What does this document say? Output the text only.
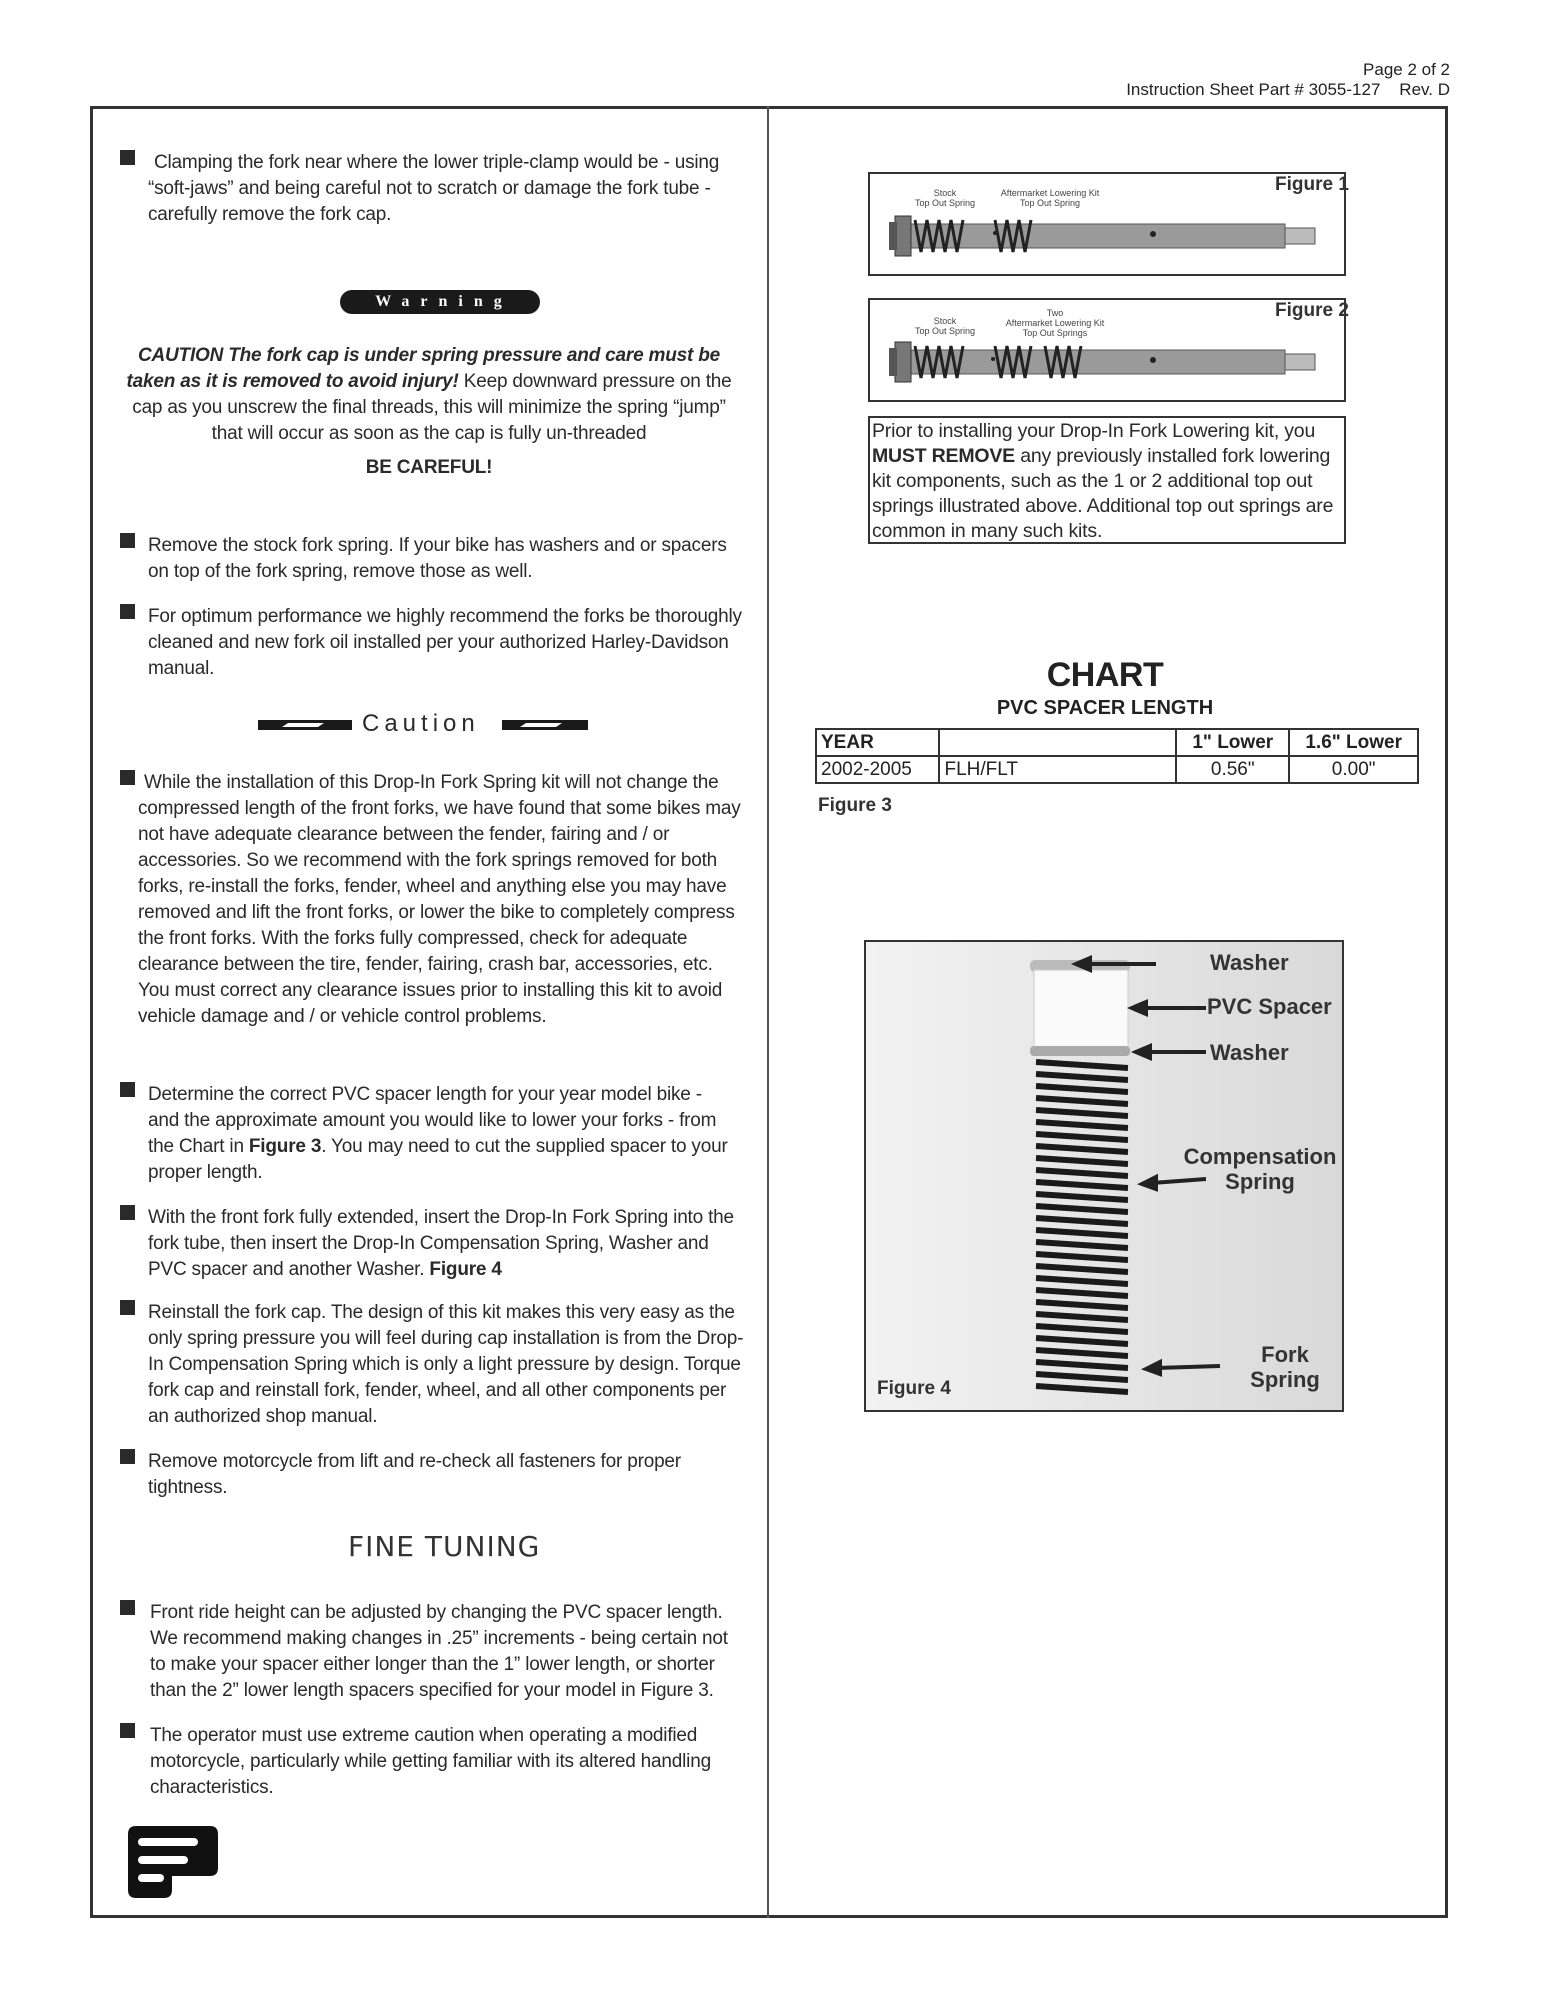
Page 2 of 2
Instruction Sheet Part # 3055-127    Rev. D
Clamping the fork near where the lower triple-clamp would be - using “soft-jaws” and being careful not to scratch or damage the fork tube - carefully remove the fork cap.
Warning
CAUTION The fork cap is under spring pressure and care must be taken as it is removed to avoid injury! Keep downward pressure on the cap as you unscrew the final threads, this will minimize the spring “jump” that will occur as soon as the cap is fully un-threaded
BE CAREFUL!
Remove the stock fork spring. If your bike has washers and or spacers on top of the fork spring, remove those as well.
For optimum performance we highly recommend the forks be thoroughly cleaned and new fork oil installed per your authorized Harley-Davidson manual.
Caution
While the installation of this Drop-In Fork Spring kit will not change the compressed length of the front forks, we have found that some bikes may not have adequate clearance between the fender, fairing and / or accessories. So we recommend with the fork springs removed for both forks, re-install the forks, fender, wheel and anything else you may have removed and lift the front forks, or lower the bike to completely compress the front forks. With the forks fully compressed, check for adequate clearance between the tire, fender, fairing, crash bar, accessories, etc. You must correct any clearance issues prior to installing this kit to avoid vehicle damage and / or vehicle control problems.
Determine the correct PVC spacer length for your year model bike - and the approximate amount you would like to lower your forks - from the Chart in Figure 3. You may need to cut the supplied spacer to your proper length.
With the front fork fully extended, insert the Drop-In Fork Spring into the fork tube, then insert the Drop-In Compensation Spring, Washer and PVC spacer and another Washer. Figure 4
Reinstall the fork cap. The design of this kit makes this very easy as the only spring pressure you will feel during cap installation is from the Drop-In Compensation Spring which is only a light pressure by design. Torque fork cap and reinstall fork, fender, wheel, and all other components per an authorized shop manual.
Remove motorcycle from lift and re-check all fasteners for proper tightness.
FINE TUNING
Front ride height can be adjusted by changing the PVC spacer length. We recommend making changes in .25” increments - being certain not to make your spacer either longer than the 1” lower length, or shorter than the 2” lower length spacers specified for your model in Figure 3.
The operator must use extreme caution when operating a modified motorcycle, particularly while getting familiar with its altered handling characteristics.
Figure 1
Stock
Top Out Spring
Aftermarket Lowering Kit
Top Out Spring
Figure 2
Stock
Top Out Spring
Two
Aftermarket Lowering Kit
Top Out Springs
Prior to installing your Drop-In Fork Lowering kit, you MUST REMOVE any previously installed fork lowering kit components, such as the 1 or 2 additional top out springs illustrated above. Additional top out springs are common in many such kits.
CHART
PVC SPACER LENGTH
YEAR		1" Lower	1.6" Lower
2002-2005	FLH/FLT	0.56"	0.00"
Figure 3
Washer
PVC Spacer
Washer
Compensation
Spring
Fork
Spring
Figure 4
